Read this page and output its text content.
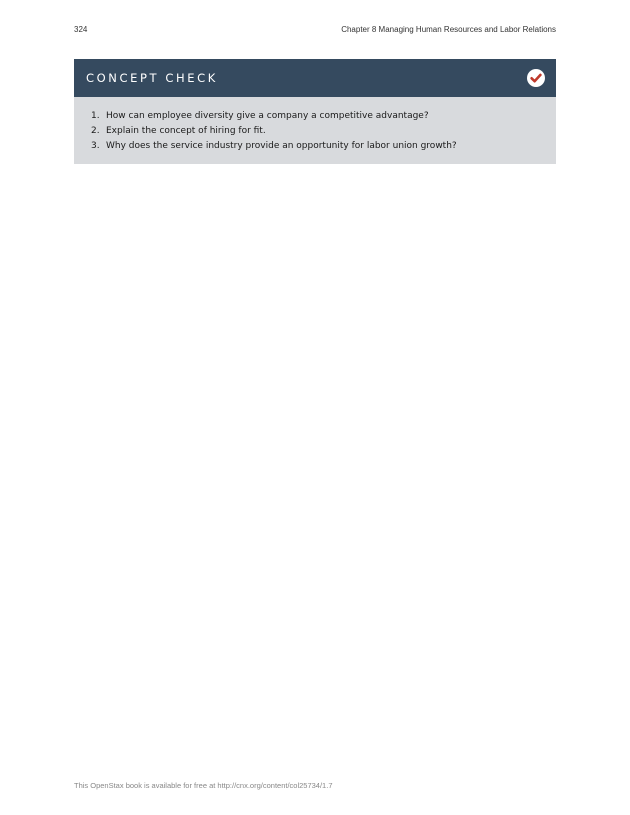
324	Chapter 8 Managing Human Resources and Labor Relations
CONCEPT CHECK
1. How can employee diversity give a company a competitive advantage?
2. Explain the concept of hiring for fit.
3. Why does the service industry provide an opportunity for labor union growth?
This OpenStax book is available for free at http://cnx.org/content/col25734/1.7
